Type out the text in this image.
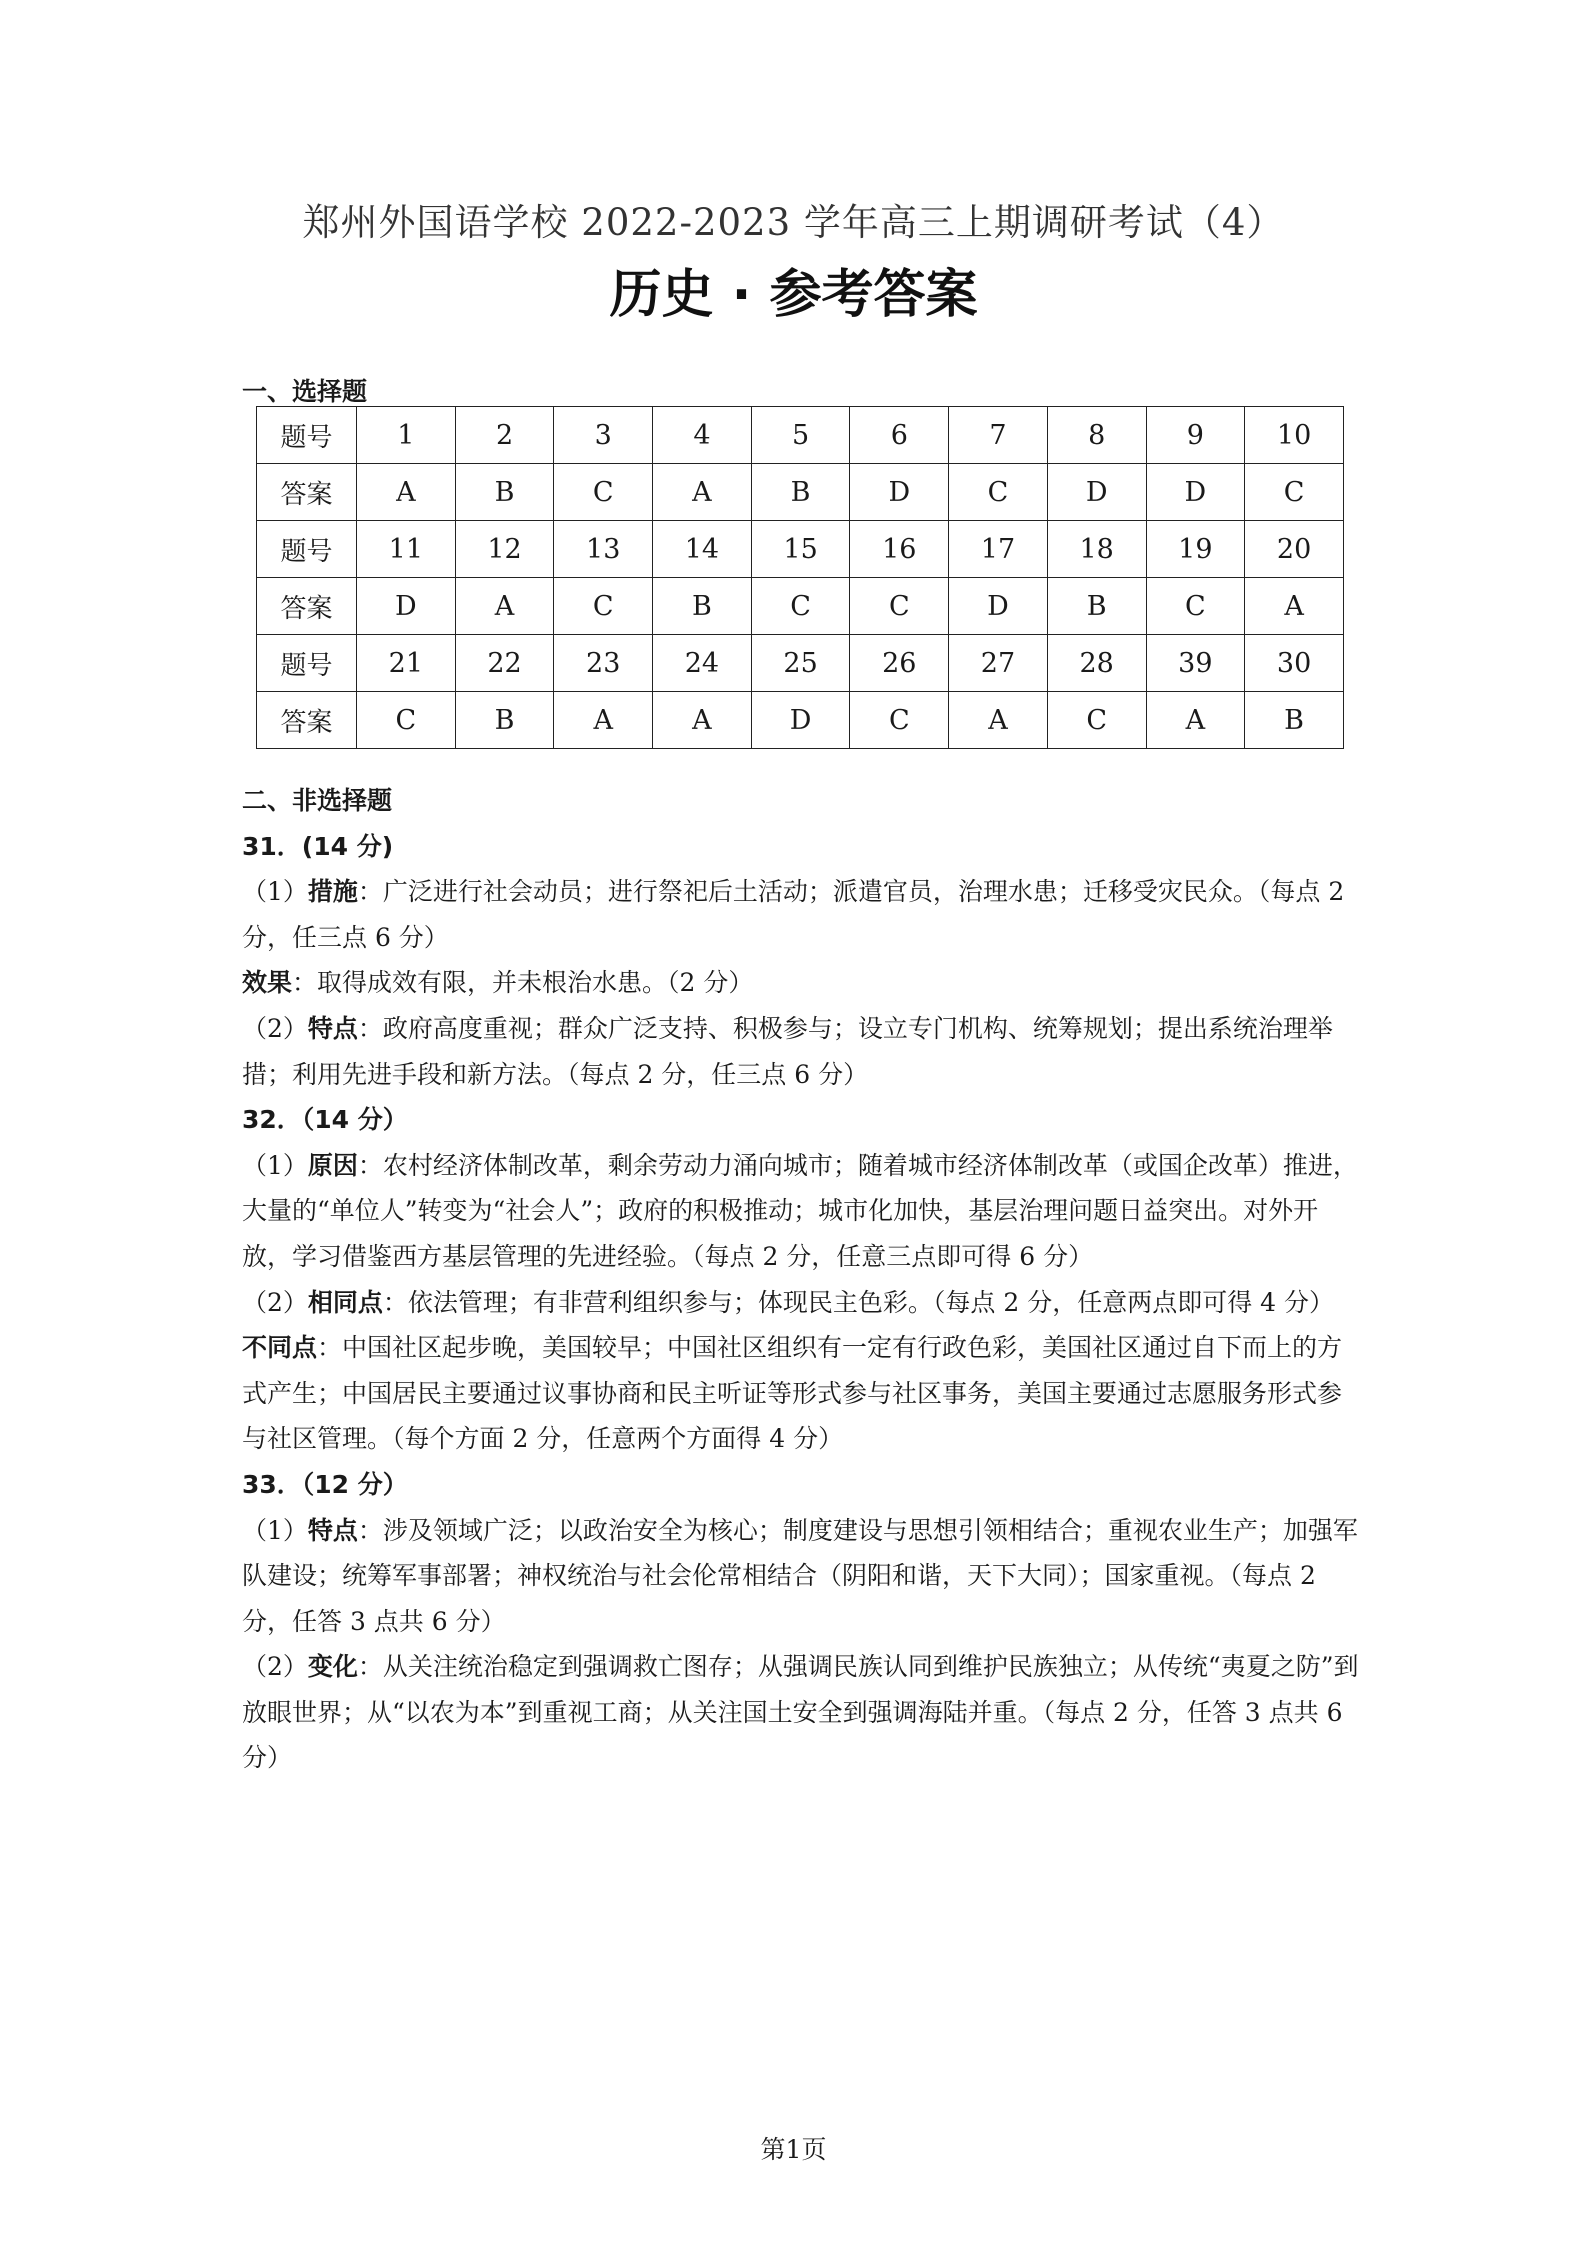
郑州外国语学校 2022-2023 学年高三上期调研考试（4）
历史 · 参考答案
一、选择题
题号	1	2	3	4	5	6	7	8	9	10
答案	A	B	C	A	B	D	C	D	D	C
题号	11	12	13	14	15	16	17	18	19	20
答案	D	A	C	B	C	C	D	B	C	A
题号	21	22	23	24	25	26	27	28	39	30
答案	C	B	A	A	D	C	A	C	A	B

二、非选择题

31．(14 分)

（1）措施：广泛进行社会动员；进行祭祀后土活动；派遣官员，治理水患；迁移受灾民众。（每点 2 分，任三点 6 分）

效果：取得成效有限，并未根治水患。（2 分）

（2）特点：政府高度重视；群众广泛支持、积极参与；设立专门机构、统筹规划；提出系统治理举措；利用先进手段和新方法。（每点 2 分，任三点 6 分）

32．（14 分）

（1）原因：农村经济体制改革，剩余劳动力涌向城市；随着城市经济体制改革（或国企改革）推进，大量的“单位人”转变为“社会人”；政府的积极推动；城市化加快，基层治理问题日益突出。对外开放，学习借鉴西方基层管理的先进经验。（每点 2 分，任意三点即可得 6 分）

（2）相同点：依法管理；有非营利组织参与；体现民主色彩。（每点 2 分，任意两点即可得 4 分）

不同点：中国社区起步晚，美国较早；中国社区组织有一定有行政色彩，美国社区通过自下而上的方式产生；中国居民主要通过议事协商和民主听证等形式参与社区事务，美国主要通过志愿服务形式参与社区管理。（每个方面 2 分，任意两个方面得 4 分）

33．（12 分）

（1）特点：涉及领域广泛；以政治安全为核心；制度建设与思想引领相结合；重视农业生产；加强军队建设；统筹军事部署；神权统治与社会伦常相结合（阴阳和谐，天下大同）；国家重视。（每点 2 分，任答 3 点共 6 分）

（2）变化：从关注统治稳定到强调救亡图存；从强调民族认同到维护民族独立；从传统“夷夏之防”到放眼世界；从“以农为本”到重视工商；从关注国土安全到强调海陆并重。（每点 2 分，任答 3 点共 6 分）

第1页
